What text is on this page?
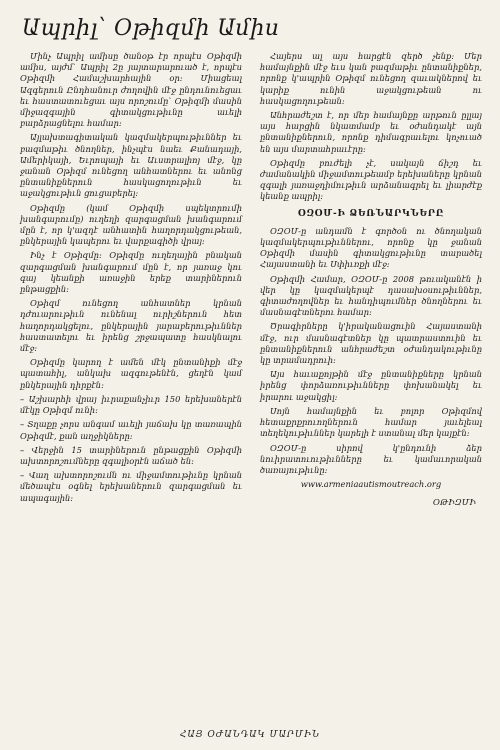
Ապրիլ՝ Օթիզմի Ամիս

Մինչ Ապրիլ ամիսը ծանօթ էր որպէս Օթիզմի ամիս, այժմ՝ Ապրիլ 2ը յայտարարուած է, որպէս Օթիզմի Համաշխարհային օր: Միացեալ Ազգերուն Ընդհանուր ժողովին մէջ ընդունուեցաւ եւ հաստատուեցաւ այս որոշումը՝ Օթիզմի մասին միջազգային գիտակցութիւնը աւելի բարձրացնելու համար:

Այլախտագիտական կազմակերպութիւններ եւ բազմաթիւ ծնողներ, ինչպէս նաեւ Քանադայի, Ամերիկայի, Եւրոպայի եւ Աւստրալիոյ մէջ, կը ջանան Օթիզմ ունեցող անհատներու եւ անոնց ընտանիքներուն հասկացողութիւն եւ աջակցութիւն ցուցաբերել:

Օթիզմը (կամ Օթիզմի սպեկտրումի խանգարումը) ուղեղի զարգացման խանգարում մըն է, որ կ'ազդէ անհատին հաղորդակցութեան, ընկերային կապերու եւ վարքագիծի վրայ:

Ինչ է Օթիզմը: Օթիզմը ուղեղային բնական զարգացման խանգարում մըն է, որ յառաջ կու գայ կեանքի առաջին երեք տարիներուն ընթացքին:

Օթիզմ ունեցող անհատներ կրնան դժուարութիւն ունենալ ուրիշներուն հետ հաղորդակցելու, ընկերային յարաբերութիւններ հաստատելու եւ իրենց շրջապատը հասկնալու մէջ:

Օթիզմը կարող է ամեն մէկ ընտանիքի մէջ պատահիլ, անկախ ազգութենէն, ցեղէն կամ ընկերային դիրքէն:

– Աշխարհի վրայ իւրաքանչիւր 150 երեխաներէն մէկը Օթիզմ ունի:

– Տղաքը չորս անգամ աւելի յաճախ կը տառապին Օթիզմէ, քան աղջիկները:

– Վերջին 15 տարիներուն ընթացքին Օթիզմի ախտորոշումները զգալիօրէն աճած են:

– Վաղ ախտորոշումն ու միջամտութիւնը կրնան մեծապէս օգնել երեխաներուն զարգացման եւ ապագային:

Հայերս ալ այս հարցէն զերծ չենք: Մեր համայնքին մէջ եւս կան բազմաթիւ ընտանիքներ, որոնք կ'ապրին Օթիզմ ունեցող զաւակներով եւ կարիք ունին աջակցութեան ու հասկացողութեան:

Անհրաժեշտ է, որ մեր համայնքը արթուն ըլլայ այս հարցին նկատմամբ եւ օժանդակէ այն ընտանիքներուն, որոնք դիմագրաւելու կոչուած են այս մարտահրաւէրը:

Օթիզմը բուժելի չէ, սակայն ճիշդ եւ ժամանակին միջամտութեամբ երեխաները կրնան զգալի յառաջդիմութիւն արձանագրել եւ լիարժէք կեանք ապրիլ:

ՕԶՕՄ-Ի ՁԵՌՆԱՐԿՆԵՐԸ

ՕԶՕՄ-ը անդամն է գործօն ու ծնողական կազմակերպութիւններու, որոնք կը ջանան Օթիզմի մասին գիտակցութիւնը տարածել Հայաստանի եւ Սփիւռքի մէջ:

Օթիզմի Համար, ՕԶՕՄ-ը 2008 թուականէն ի վեր կը կազմակերպէ դասախօսութիւններ, գիտաժողովներ եւ հանդիպումներ ծնողներու եւ մասնագէտներու համար:

Ծրագիրները կ'իրականացուին Հայաստանի մէջ, ուր մասնագէտներ կը պատրաստուին եւ ընտանիքներուն անհրաժեշտ օժանդակութիւնը կը տրամադրուի:

Այս հաւաքոյթին մէջ ընտանիքները կրնան իրենց փորձառութիւնները փոխանակել եւ իրարու աջակցիլ:

Սոյն համայնքին եւ բոլոր Օթիզմով հետաքրքրուողներուն համար յաւելեալ տեղեկութիւններ կարելի է ստանալ մեր կայքէն:

ՕԶՕՄ-ը սիրով կ'ընդունի ձեր նուիրատուութիւնները եւ կամաւորական ծառայութիւնը:

www.armeniaautismoutreach.org

ՕԹԻԶՄԻ
ՀԱՅ ՕԺԱՆԴԱԿ ՄԱՐՄԻՆ
